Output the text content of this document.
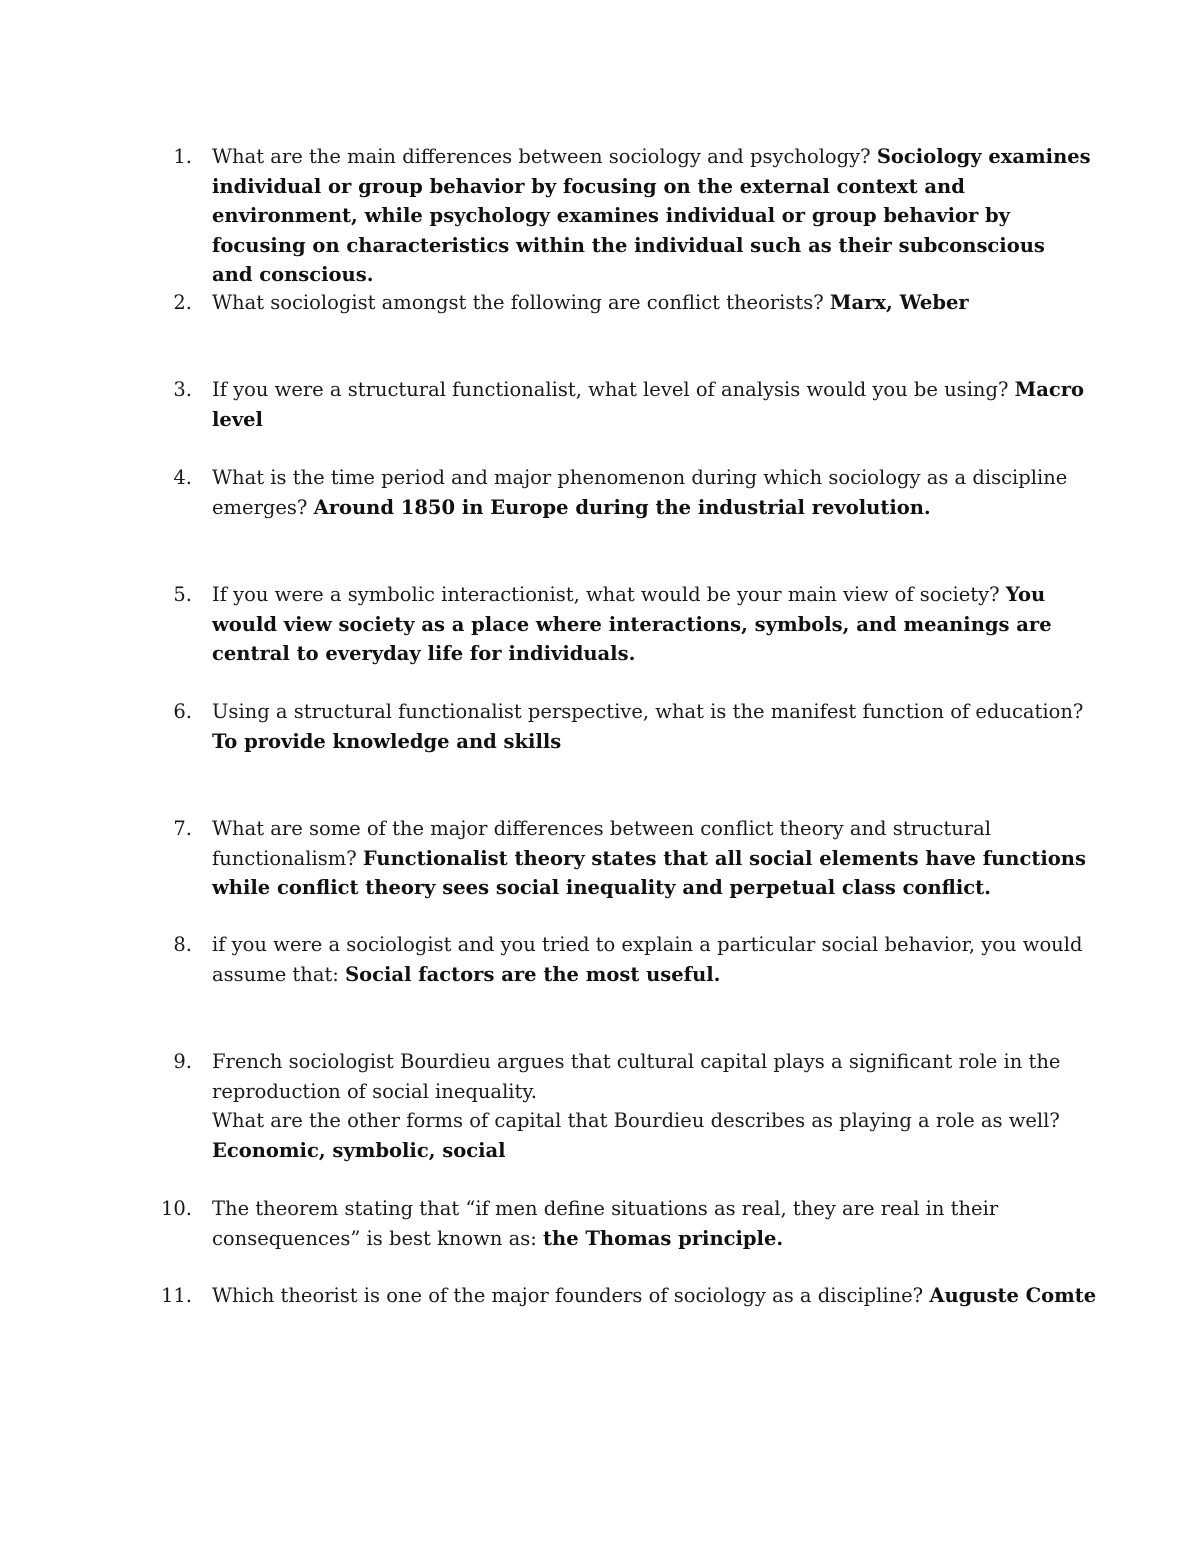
1. What are the main differences between sociology and psychology? Sociology examines individual or group behavior by focusing on the external context and environment, while psychology examines individual or group behavior by focusing on characteristics within the individual such as their subconscious and conscious.
2. What sociologist amongst the following are conflict theorists? Marx, Weber
3. If you were a structural functionalist, what level of analysis would you be using? Macro level
4. What is the time period and major phenomenon during which sociology as a discipline emerges? Around 1850 in Europe during the industrial revolution.
5. If you were a symbolic interactionist, what would be your main view of society? You would view society as a place where interactions, symbols, and meanings are central to everyday life for individuals.
6. Using a structural functionalist perspective, what is the manifest function of education?
To provide knowledge and skills
7. What are some of the major differences between conflict theory and structural functionalism? Functionalist theory states that all social elements have functions while conflict theory sees social inequality and perpetual class conflict.
8. if you were a sociologist and you tried to explain a particular social behavior, you would assume that: Social factors are the most useful.
9. French sociologist Bourdieu argues that cultural capital plays a significant role in the reproduction of social inequality.
What are the other forms of capital that Bourdieu describes as playing a role as well?
Economic, symbolic, social
10. The theorem stating that “if men define situations as real, they are real in their consequences” is best known as: the Thomas principle.
11. Which theorist is one of the major founders of sociology as a discipline? Auguste Comte
